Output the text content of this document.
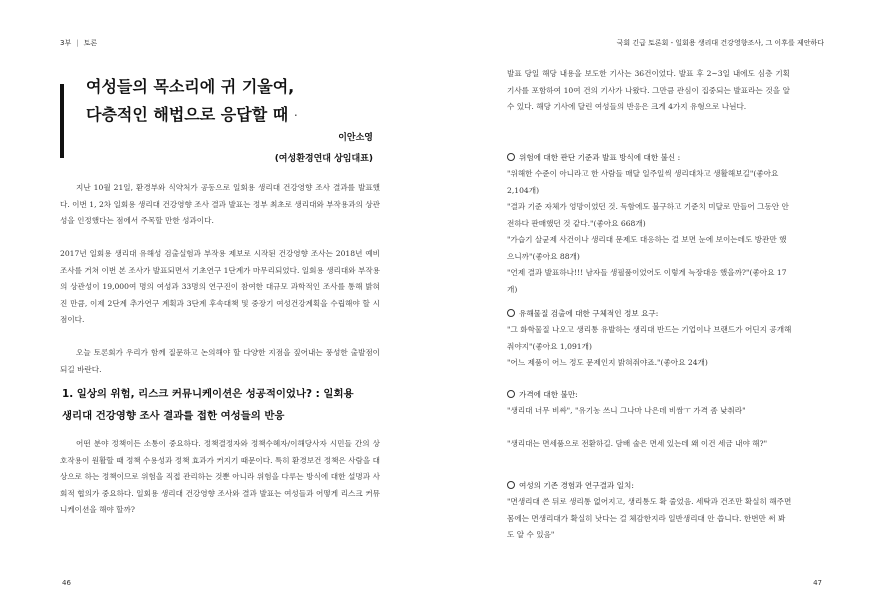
3부 | 토론
여성들의 목소리에 귀 기울여,
다층적인 해법으로 응답할 때 ·
이안소영
(여성환경연대 상임대표)
지난 10월 21일, 환경부와 식약처가 공동으로 일회용 생리대 건강영향 조사 결과를 발표했다. 이번 1, 2차 일회용 생리대 건강영향 조사 결과 발표는 정부 최초로 생리대와 부작용과의 상관성을 인정했다는 점에서 주목할 만한 성과이다.
2017년 일회용 생리대 유해성 검출실험과 부작용 제보로 시작된 건강영향 조사는 2018년 예비조사를 거쳐 이번 본 조사가 발표되면서 기초연구 1단계가 마무리되었다. 일회용 생리대와 부작용의 상관성이 19,000여 명의 여성과 33명의 연구진이 참여한 대규모 과학적인 조사를 통해 밝혀진 만큼, 이제 2단계 추가연구 계획과 3단계 후속대책 및 중장기 여성건강계획을 수립해야 할 시점이다.
오늘 토론회가 우리가 함께 질문하고 논의해야 할 다양한 지점을 짚어내는 풍성한 출발점이 되길 바란다.
1. 일상의 위험, 리스크 커뮤니케이션은 성공적이었나? : 일회용
생리대 건강영향 조사 결과를 접한 여성들의 반응
어떤 분야 정책이든 소통이 중요하다. 정책결정자와 정책수혜자/이해당사자 시민들 간의 상호작용이 원활할 때 정책 수용성과 정책 효과가 커지기 때문이다. 특히 환경보건 정책은 사람을 대상으로 하는 정책이므로 위험을 직접 관리하는 것뿐 아니라 위험을 다루는 방식에 대한 설명과 사회적 협의가 중요하다. 일회용 생리대 건강영향 조사와 결과 발표는 여성들과 어떻게 리스크 커뮤니케이션을 해야 할까?
46
국회 긴급 토론회 - 일회용 생리대 건강영향조사, 그 이후를 제안하다
47
발표 당일 해당 내용을 보도한 기사는 36건이었다. 발표 후 2~3일 내에도 심층 기획기사를 포함하여 10여 건의 기사가 나왔다. 그만큼 관심이 집중되는 발표라는 것을 알 수 있다. 해당 기사에 달린 여성들의 반응은 크게 4가지 유형으로 나뉜다.
위험에 대한 판단 기준과 발표 방식에 대한 불신 :
"위해한 수준이 아니라고 한 사람들 매달 일주일씩 생리대차고 생활해보길"(좋아요 2,104개)
"결과 기준 자체가 엉망이었던 것. 독함에도 불구하고 기준치 미달로 만들어 그동안 안전하다 판매했던 것 같다."(좋아요 668개)
"가습기 살균제 사건이나 생리대 문제도 대응하는 걸 보면 눈에 보이는데도 방관만 했으니까"(좋아요 88개)
"언제 결과 발표하나!!! 남자들 생필품이었어도 이렇게 늑장대응 했을까?"(좋아요 17개)
유해물질 검출에 대한 구체적인 정보 요구:
"그 화학물질 나오고 생리통 유발하는 생리대 반드는 기업이나 브랜드가 어딘지 공개해줘야지"(좋아요 1,091개)
"어느 제품이 어느 정도 문제인지 밝혀줘야죠."(좋아요 24개)
가격에 대한 불만:
"생리대 너무 비싸", "유기농 쓰니 그나마 나은데 비쌈ㅜ 가격 좀 낮춰라"
"생리대는 면세품으로 전환하길. 담배 술은 면세 있는데 왜 이건 세금 내야 해?"
여성의 기존 경험과 연구결과 일치:
"면생리대 쓴 뒤로 생리통 없어지고, 생리통도 확 줄었음. 세탁과 건조만 확실히 해주면 몸에는 면생리대가 확실히 낫다는 걸 체감한지라 일반생리대 안 씁니다. 한번만 써 봐도 알 수 있음"
